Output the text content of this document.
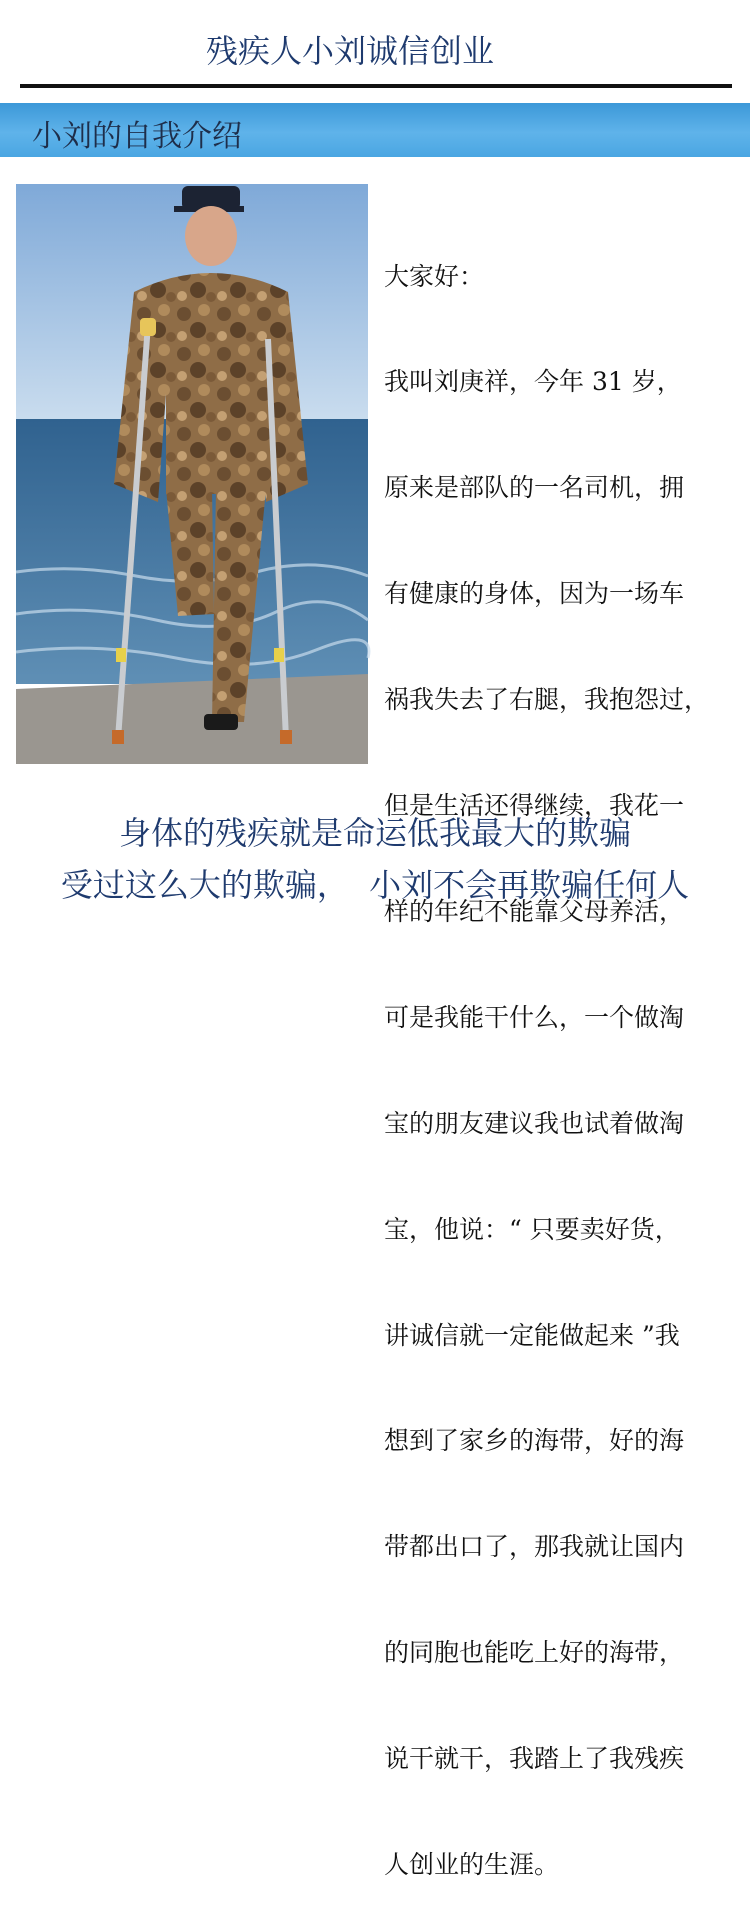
残疾人小刘诚信创业
小刘的自我介绍

大家好：

我叫刘庚祥，今年 31 岁，

原来是部队的一名司机，拥

有健康的身体，因为一场车

祸我失去了右腿，我抱怨过，

但是生活还得继续，我花一

样的年纪不能靠父母养活，

可是我能干什么，一个做淘

宝的朋友建议我也试着做淘

宝，他说：“ 只要卖好货，

讲诚信就一定能做起来 ”我

想到了家乡的海带，好的海

带都出口了，那我就让国内

的同胞也能吃上好的海带，

说干就干，我踏上了我残疾

人创业的生涯。

身体的残疾就是命运低我最大的欺骗
受过这么大的欺骗，  小刘不会再欺骗任何人
